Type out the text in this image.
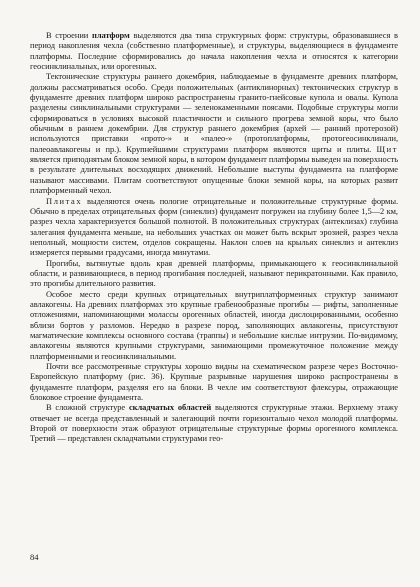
В строении платформ выделяются два типа структурных форм: структуры, образовавшиеся в период накопления чехла (собственно платформенные), и структуры, выделяющиеся в фундаменте платформы. Последние сформировались до начала накопления чехла и относятся к категории геосинклинальных, или орогенных.

Тектонические структуры раннего докембрия, наблюдаемые в фундаменте древних платформ, должны рассматриваться особо. Среди положительных (антиклинорных) тектонических структур в фундаменте древних платформ широко распространены гранито-гнейсовые купола и овалы. Купола разделены синклинальными структурами — зеленокаменными поясами. Подобные структуры могли сформироваться в условиях высокой пластичности и сильного прогрева земной коры, что было обычным в раннем докембрии. Для структур раннего докембрия (архей — ранний протерозой) используются приставки «прото-» и «палео-» (протоплатформы, протогеосинклинали, палеоавлакогены и пр.). Крупнейшими структурами платформ являются щиты и плиты. Щит является приподнятым блоком земной коры, в котором фундамент платформы выведен на поверхность в результате длительных восходящих движений. Небольшие выступы фундамента на платформе называют массивами. Плитам соответствуют опущенные блоки земной коры, на которых развит платформенный чехол.

Плитах выделяются очень пологие отрицательные и положительные структурные формы. Обычно в пределах отрицательных форм (синеклиз) фундамент погружен на глубину более 1,5—2 км, разрез чехла характеризуется большой полнотой. В положительных структурах (антеклизах) глубина залегания фундамента меньше, на небольших участках он может быть вскрыт эрозией, разрез чехла неполный, мощности систем, отделов сокращены. Наклон слоев на крыльях синеклиз и антеклиз измеряется первыми градусами, иногда минутами.

Прогибы, вытянутые вдоль края древней платформы, примыкающего к геосинклинальной области, и развивающиеся, в период прогибания последней, называют перикратонными. Как правило, это прогибы длительного развития.

Особое место среди крупных отрицательных внутриплатформенных структур занимают авлакогены. На древних платформах это крупные грабенообразные прогибы — рифты, заполненные отложениями, напоминающими молассы орогенных областей, иногда дислоцированными, особенно вблизи бортов у разломов. Нередко в разрезе пород, заполняющих авлакогены, присутствуют магматические комплексы основного состава (траппы) и небольшие кислые интрузии. По-видимому, авлакогены являются крупными структурами, занимающими промежуточное положение между платформенными и геосинклинальными.

Почти все рассмотренные структуры хорошо видны на схематическом разрезе через Восточно-Европейскую платформу (рис. 36). Крупные разрывные нарушения широко распространены в фундаменте платформ, разделяя его на блоки. В чехле им соответствуют флексуры, отражающие блоковое строение фундамента.

В сложной структуре складчатых областей выделяются структурные этажи. Верхнему этажу отвечает не всегда представленный и залегающий почти горизонтально чехол молодой платформы. Второй от поверхности этаж образуют отрицательные структурные формы орогенного комплекса. Третий — представлен складчатыми структурами гео-

84
